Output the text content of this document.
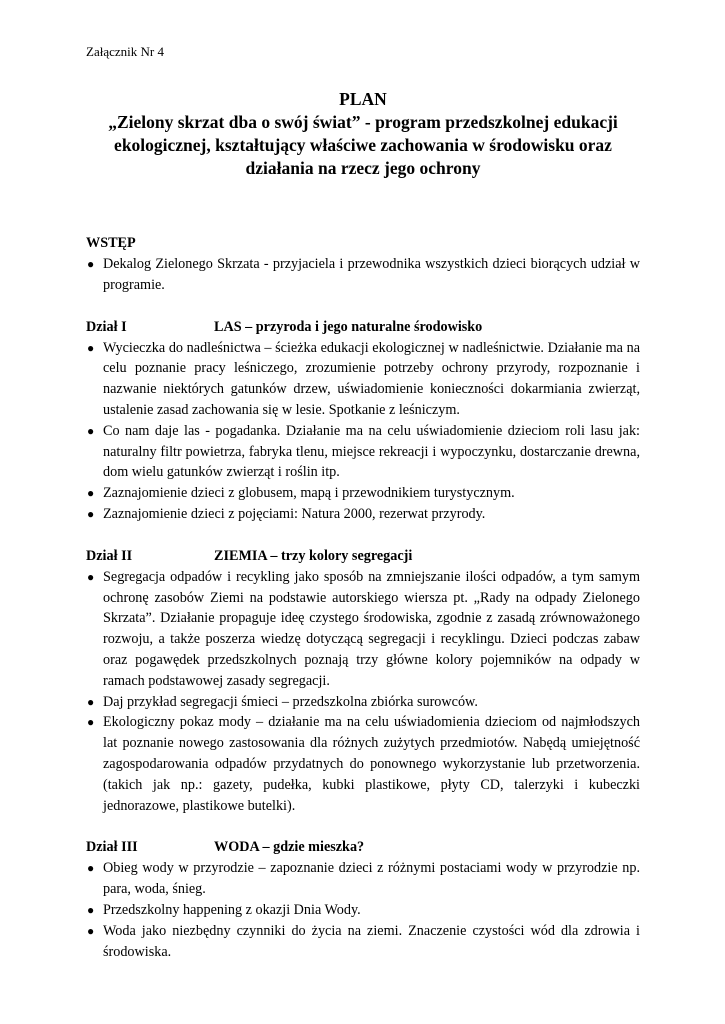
Załącznik Nr 4
PLAN
„Zielony skrzat dba o swój świat” - program przedszkolnej edukacji
ekologicznej, kształtujący właściwe zachowania w środowisku oraz
działania na rzecz jego ochrony
WSTĘP
● Dekalog Zielonego Skrzata - przyjaciela i przewodnika wszystkich dzieci biorących udział w programie.
Dział I	LAS – przyroda i jego naturalne środowisko
● Wycieczka do nadleśnictwa – ścieżka edukacji ekologicznej w nadleśnictwie. Działanie ma na celu poznanie pracy leśniczego, zrozumienie potrzeby ochrony przyrody, rozpoznanie i nazwanie niektórych gatunków drzew, uświadomienie konieczności dokarmiania zwierząt, ustalenie zasad zachowania się w lesie. Spotkanie z leśniczym.
● Co nam daje las - pogadanka. Działanie ma na celu uświadomienie dzieciom roli lasu jak: naturalny filtr powietrza, fabryka tlenu, miejsce rekreacji i wypoczynku, dostarczanie drewna, dom wielu gatunków zwierząt i roślin itp.
● Zaznajomienie dzieci z globusem, mapą i przewodnikiem turystycznym.
● Zaznajomienie dzieci z pojęciami: Natura 2000, rezerwat przyrody.
Dział II	ZIEMIA – trzy kolory segregacji
● Segregacja odpadów i recykling jako sposób na zmniejszanie ilości odpadów, a tym samym ochronę zasobów Ziemi na podstawie autorskiego wiersza pt. „Rady na odpady Zielonego Skrzata”. Działanie propaguje ideę czystego środowiska, zgodnie z zasadą zrównoważonego rozwoju, a także poszerza wiedzę dotyczącą segregacji i recyklingu. Dzieci podczas zabaw oraz pogawędek przedszkolnych poznają trzy główne kolory pojemników na odpady w ramach podstawowej zasady segregacji.
● Daj przykład segregacji śmieci – przedszkolna zbiórka surowców.
● Ekologiczny pokaz mody – działanie ma na celu uświadomienia dzieciom od najmłodszych lat poznanie nowego zastosowania dla różnych zużytych przedmiotów. Nabędą umiejętność zagospodarowania odpadów przydatnych do ponownego wykorzystanie lub przetworzenia. (takich jak np.: gazety, pudełka, kubki plastikowe, płyty CD, talerzyki i kubeczki jednorazowe, plastikowe butelki).
Dział III	WODA – gdzie mieszka?
● Obieg wody w przyrodzie – zapoznanie dzieci z różnymi postaciami wody w przyrodzie np. para, woda, śnieg.
● Przedszkolny happening z okazji Dnia Wody.
● Woda jako niezbędny czynniki do życia na ziemi. Znaczenie czystości wód dla zdrowia i środowiska.
